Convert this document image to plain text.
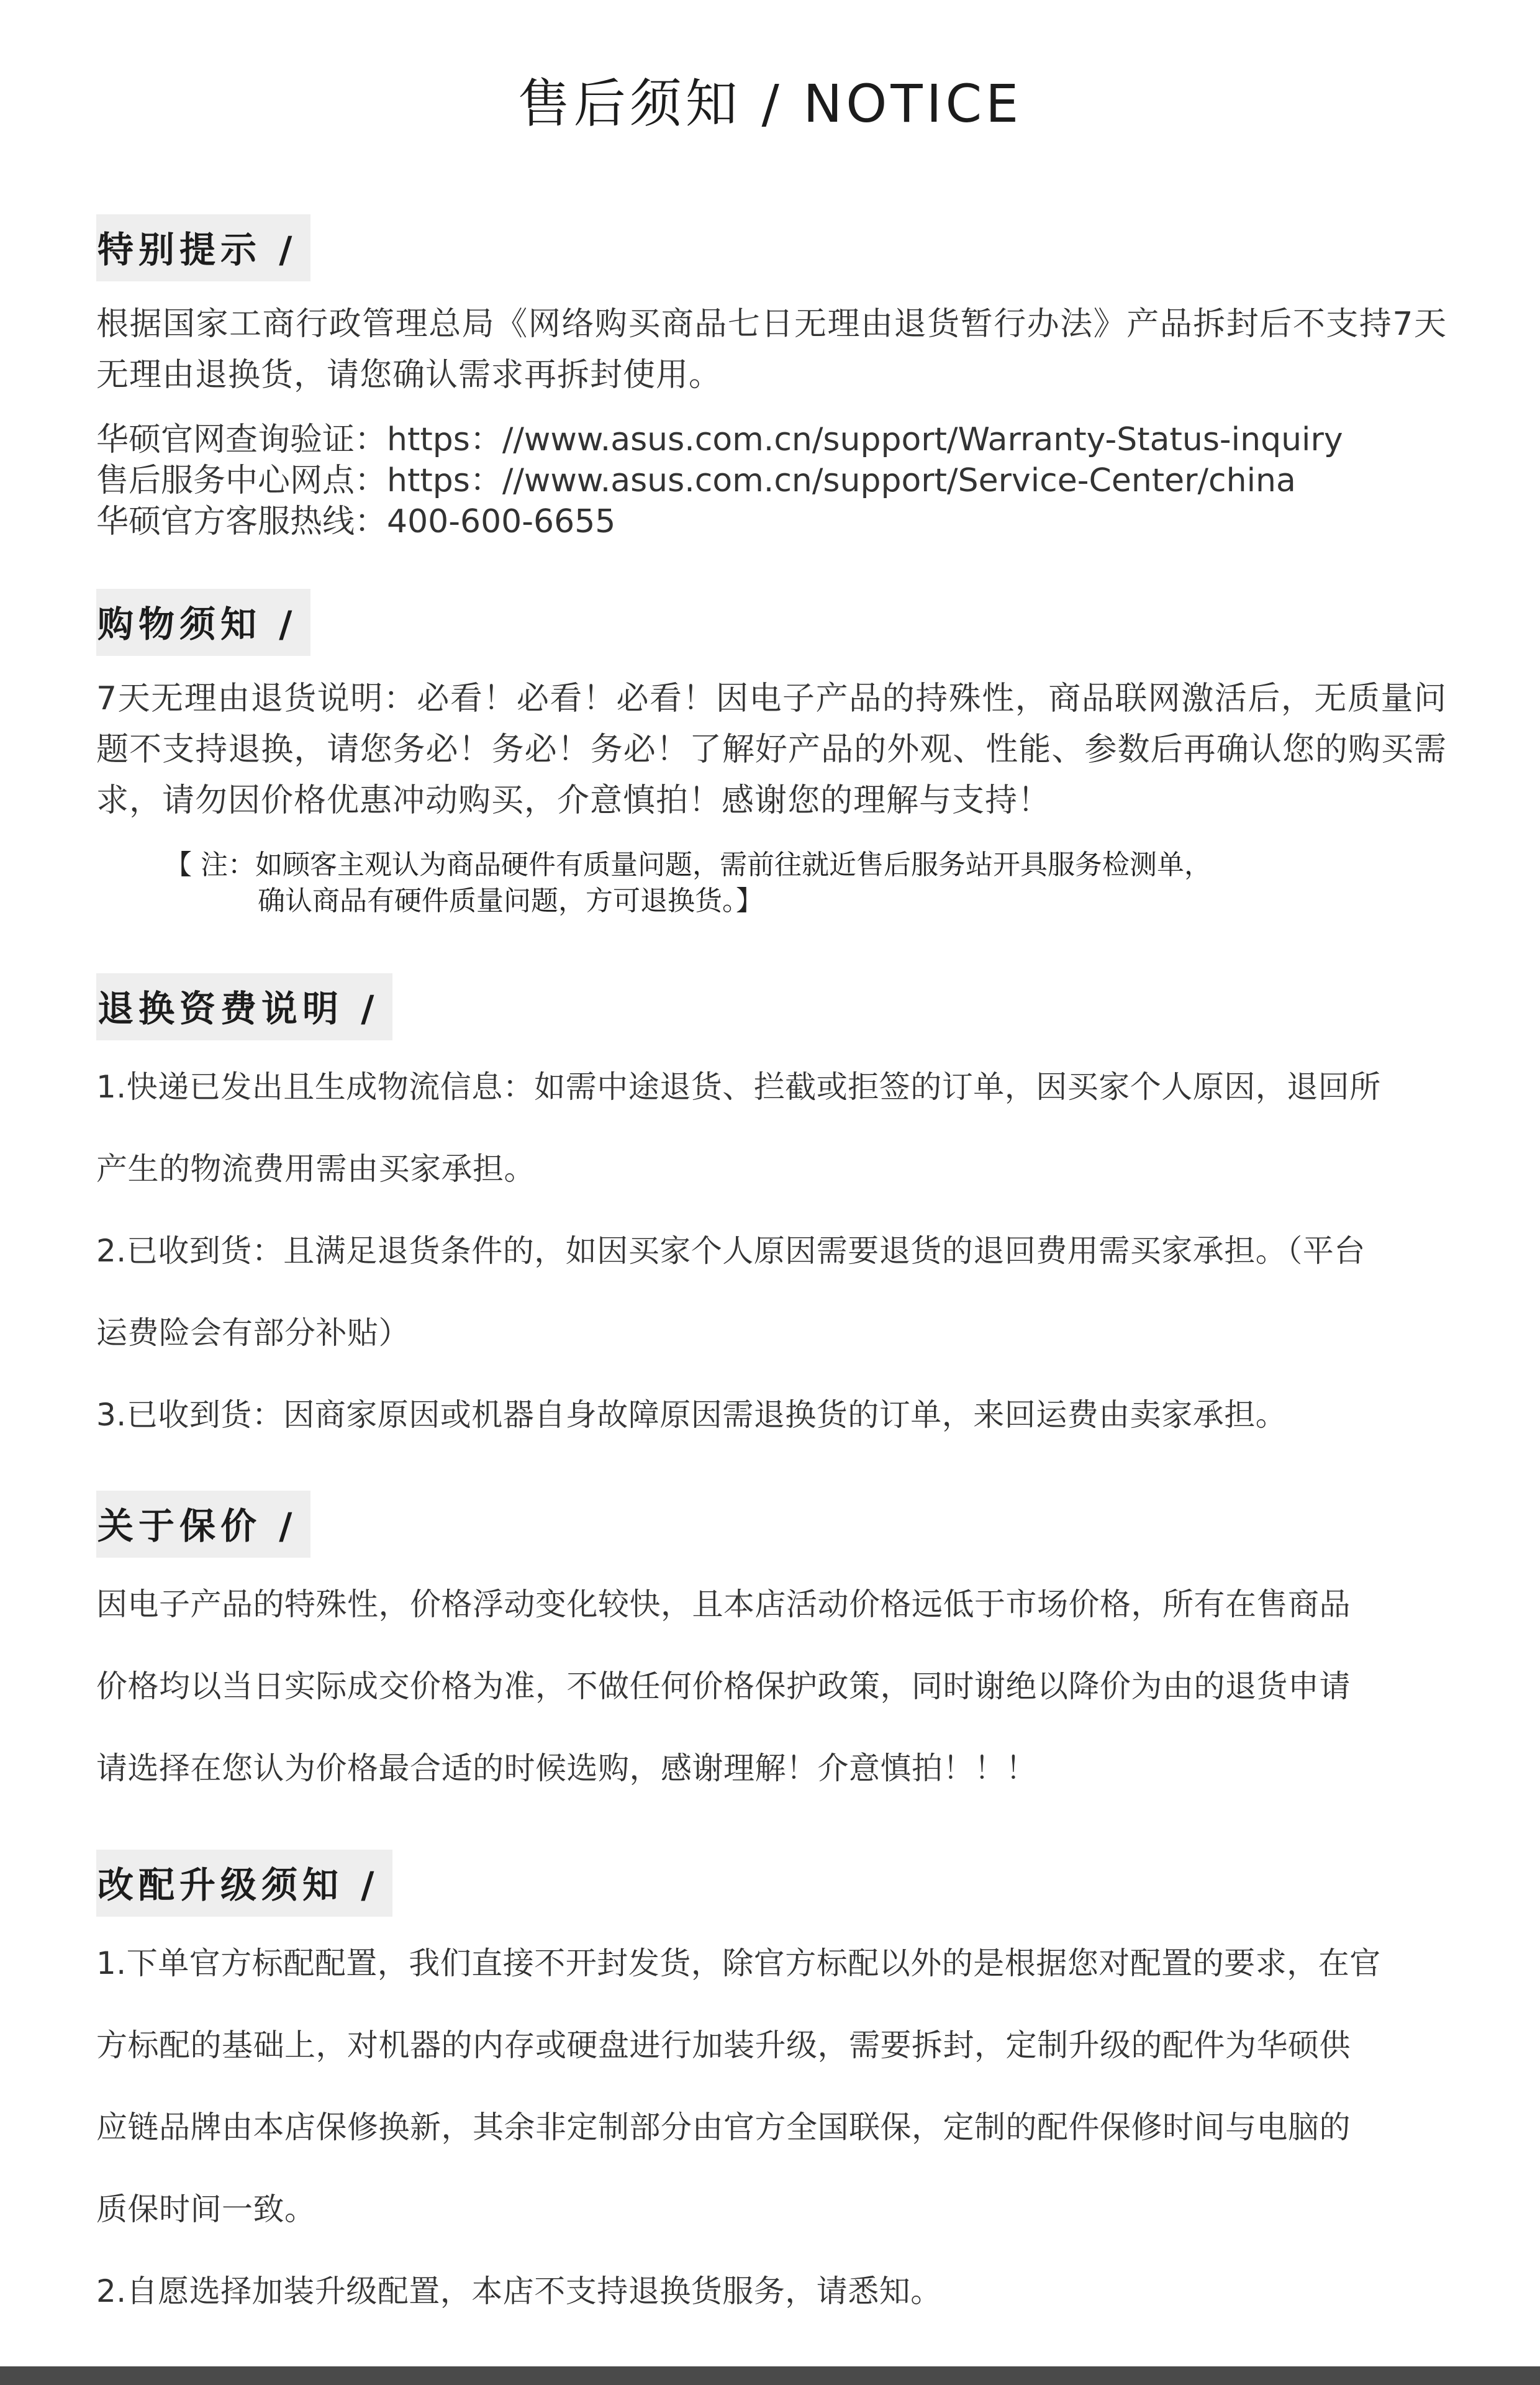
售后须知 / NOTICE
特别提示 /

根据国家工商行政管理总局《网络购买商品七日无理由退货暂行办法》产品拆封后不支持7天无理由退换货，请您确认需求再拆封使用。

华硕官网查询验证：https：//www.asus.com.cn/support/Warranty-Status-inquiry
售后服务中心网点：https：//www.asus.com.cn/support/Service-Center/china
华硕官方客服热线：400-600-6655
购物须知 /

7天无理由退货说明：必看！必看！必看！因电子产品的持殊性，商品联网激活后，无质量问题不支持退换，请您务必！务必！务必！了解好产品的外观、性能、参数后再确认您的购买需求，请勿因价格优惠冲动购买，介意慎拍！感谢您的理解与支持！

【 注：如顾客主观认为商品硬件有质量问题，需前往就近售后服务站开具服务检测单，
确认商品有硬件质量问题，方可退换货。】
退换资费说明 /

1.快递已发出且生成物流信息：如需中途退货、拦截或拒签的订单，因买家个人原因，退回所

产生的物流费用需由买家承担。

2.已收到货：且满足退货条件的，如因买家个人原因需要退货的退回费用需买家承担。（平台

运费险会有部分补贴）

3.已收到货：因商家原因或机器自身故障原因需退换货的订单，来回运费由卖家承担。

关于保价 /

因电子产品的特殊性，价格浮动变化较快，且本店活动价格远低于市场价格，所有在售商品

价格均以当日实际成交价格为准，不做任何价格保护政策，同时谢绝以降价为由的退货申请

请选择在您认为价格最合适的时候选购，感谢理解！介意慎拍！！！

改配升级须知 /

1.下单官方标配配置，我们直接不开封发货，除官方标配以外的是根据您对配置的要求，在官

方标配的基础上，对机器的内存或硬盘进行加装升级，需要拆封，定制升级的配件为华硕供

应链品牌由本店保修换新，其余非定制部分由官方全国联保，定制的配件保修时间与电脑的

质保时间一致。

2.自愿选择加装升级配置，本店不支持退换货服务，请悉知。
